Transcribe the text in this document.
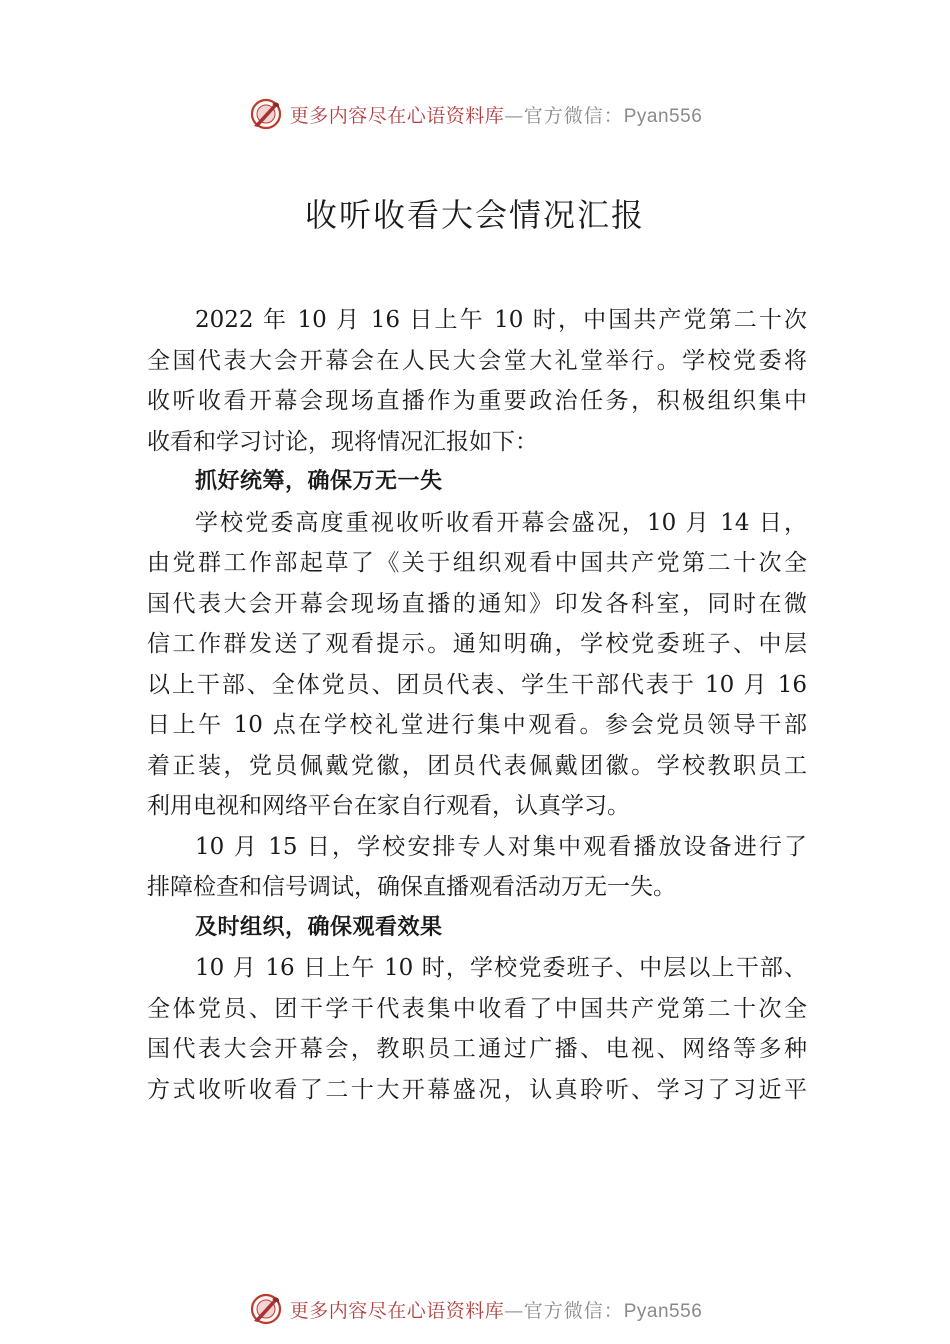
更多内容尽在心语资料库—官方微信：Pyan556
收听收看大会情况汇报
2022 年 10 月 16 日上午 10 时，中国共产党第二十次
全国代表大会开幕会在人民大会堂大礼堂举行。学校党委将
收听收看开幕会现场直播作为重要政治任务，积极组织集中
收看和学习讨论，现将情况汇报如下：
抓好统筹，确保万无一失
学校党委高度重视收听收看开幕会盛况，10 月 14 日，
由党群工作部起草了《关于组织观看中国共产党第二十次全
国代表大会开幕会现场直播的通知》印发各科室，同时在微
信工作群发送了观看提示。通知明确，学校党委班子、中层
以上干部、全体党员、团员代表、学生干部代表于 10 月 16
日上午 10 点在学校礼堂进行集中观看。参会党员领导干部
着正装，党员佩戴党徽，团员代表佩戴团徽。学校教职员工
利用电视和网络平台在家自行观看，认真学习。
10 月 15 日，学校安排专人对集中观看播放设备进行了
排障检查和信号调试，确保直播观看活动万无一失。
及时组织，确保观看效果
10 月 16 日上午 10 时，学校党委班子、中层以上干部、
全体党员、团干学干代表集中收看了中国共产党第二十次全
国代表大会开幕会，教职员工通过广播、电视、网络等多种
方式收听收看了二十大开幕盛况，认真聆听、学习了习近平
更多内容尽在心语资料库—官方微信：Pyan556
